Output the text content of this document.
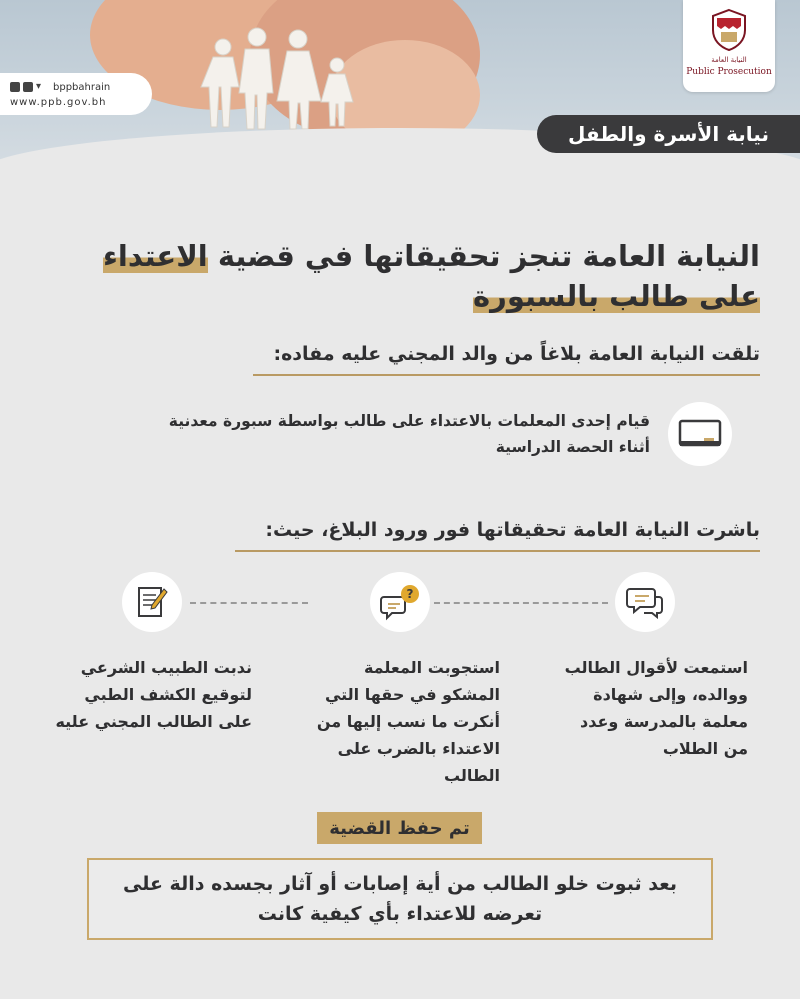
النيابة العامة
Public Prosecution
▾	bppbahrain
www.ppb.gov.bh
نيابة الأسرة والطفل
النيابة العامة تنجز تحقيقاتها في قضية الاعتداء
على طالب بالسبورة
تلقت النيابة العامة بلاغاً من والد المجني عليه مفاده:
قيام إحدى المعلمات بالاعتداء على طالب بواسطة سبورة معدنية
أثناء الحصة الدراسية
باشرت النيابة العامة تحقيقاتها فور ورود البلاغ، حيث:
?
استمعت لأقوال الطالب
ووالده، وإلى شهادة
معلمة بالمدرسة وعدد
من الطلاب
استجوبت المعلمة
المشكو في حقها التي
أنكرت ما نسب إليها من
الاعتداء بالضرب على
الطالب
ندبت الطبيب الشرعي
لتوقيع الكشف الطبي
على الطالب المجني عليه
تم حفظ القضية
بعد ثبوت خلو الطالب من أية إصابات أو آثار بجسده دالة على
تعرضه للاعتداء بأي كيفية كانت
